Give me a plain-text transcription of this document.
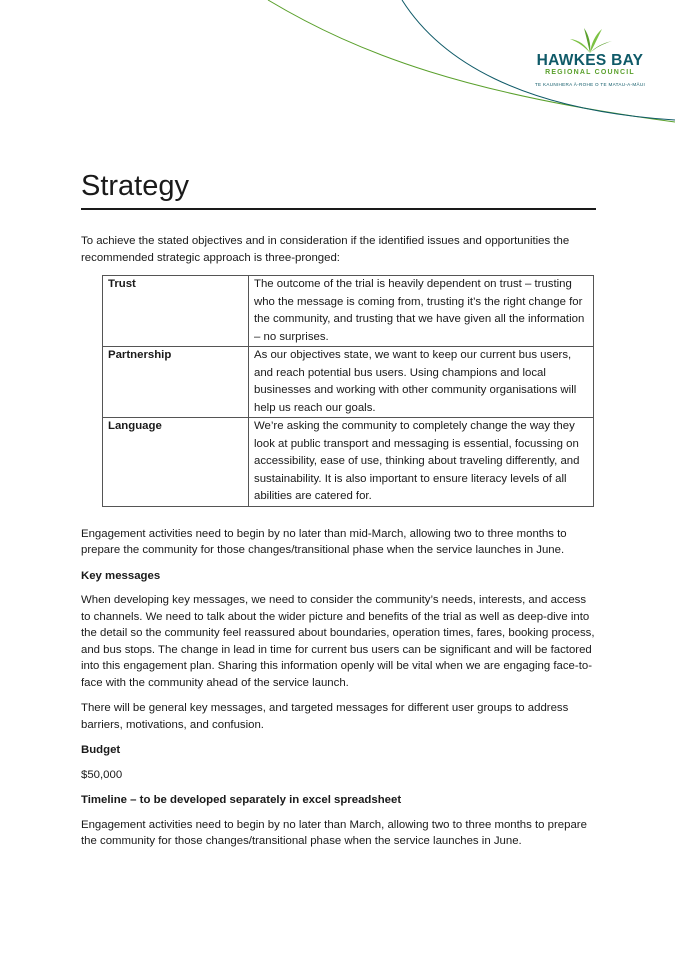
HAWKES BAY
REGIONAL COUNCIL
TE KAUNIHERA Ā-ROHE O TE MATAU-A-MĀUI
Strategy

To achieve the stated objectives and in consideration if the identified issues and opportunities the recommended strategic approach is three-pronged:

Trust	The outcome of the trial is heavily dependent on trust – trusting who the message is coming from, trusting it’s the right change for the community, and trusting that we have given all the information – no surprises.
Partnership	As our objectives state, we want to keep our current bus users, and reach potential bus users. Using champions and local businesses and working with other community organisations will help us reach our goals.
Language	We’re asking the community to completely change the way they look at public transport and messaging is essential, focussing on accessibility, ease of use, thinking about traveling differently, and sustainability. It is also important to ensure literacy levels of all abilities are catered for.

Engagement activities need to begin by no later than mid-March, allowing two to three months to prepare the community for those changes/transitional phase when the service launches in June.

Key messages

When developing key messages, we need to consider the community’s needs, interests, and access to channels. We need to talk about the wider picture and benefits of the trial as well as deep-dive into the detail so the community feel reassured about boundaries, operation times, fares, booking process, and bus stops. The change in lead in time for current bus users can be significant and will be factored into this engagement plan. Sharing this information openly will be vital when we are engaging face-to-face with the community ahead of the service launch.

There will be general key messages, and targeted messages for different user groups to address barriers, motivations, and confusion.

Budget

$50,000

Timeline – to be developed separately in excel spreadsheet

Engagement activities need to begin by no later than March, allowing two to three months to prepare the community for those changes/transitional phase when the service launches in June.
